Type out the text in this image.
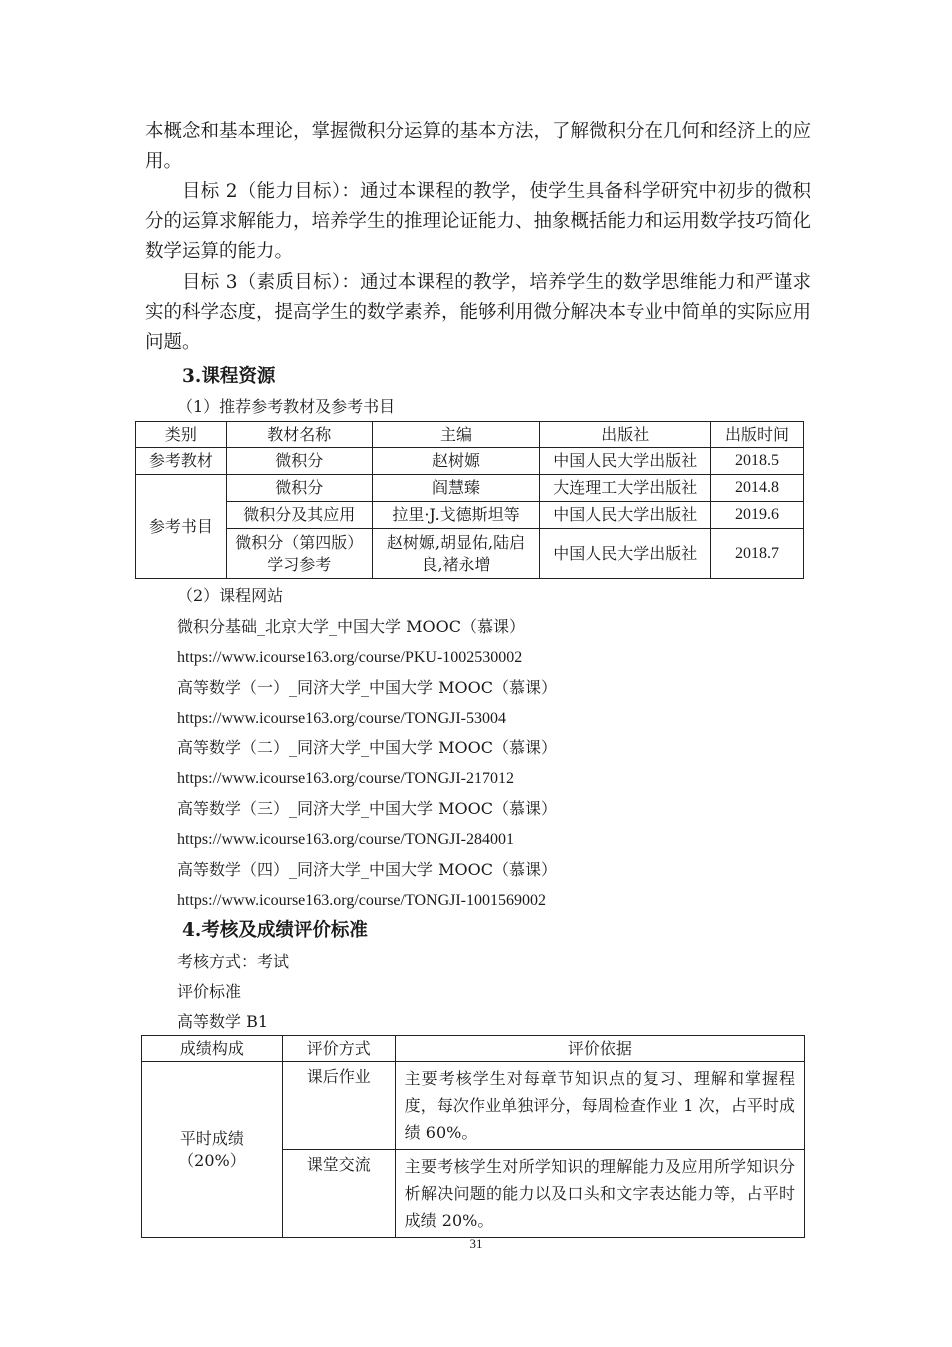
本概念和基本理论，掌握微积分运算的基本方法，了解微积分在几何和经济上的应用。

目标 2（能力目标）：通过本课程的教学，使学生具备科学研究中初步的微积分的运算求解能力，培养学生的推理论证能力、抽象概括能力和运用数学技巧简化数学运算的能力。

目标 3（素质目标）：通过本课程的教学，培养学生的数学思维能力和严谨求实的科学态度，提高学生的数学素养，能够利用微分解决本专业中简单的实际应用问题。

3.课程资源

（1）推荐参考教材及参考书目

类别	教材名称	主编	出版社	出版时间
参考教材	微积分	赵树嫄	中国人民大学出版社	2018.5
参考书目	微积分	阎慧臻	大连理工大学出版社	2014.8
	微积分及其应用	拉里·J.戈德斯坦等	中国人民大学出版社	2019.6
	微积分（第四版）学习参考	赵树嫄,胡显佑,陆启良,褚永增	中国人民大学出版社	2018.7

（2）课程网站

微积分基础_北京大学_中国大学 MOOC（慕课）

https://www.icourse163.org/course/PKU-1002530002

高等数学（一）_同济大学_中国大学 MOOC（慕课）

https://www.icourse163.org/course/TONGJI-53004

高等数学（二）_同济大学_中国大学 MOOC（慕课）

https://www.icourse163.org/course/TONGJI-217012

高等数学（三）_同济大学_中国大学 MOOC（慕课）

https://www.icourse163.org/course/TONGJI-284001

高等数学（四）_同济大学_中国大学 MOOC（慕课）

https://www.icourse163.org/course/TONGJI-1001569002

4.考核及成绩评价标准

考核方式：考试

评价标准

高等数学 B1

成绩构成	评价方式	评价依据

平时成绩
（20%）	课后作业	主要考核学生对每章节知识点的复习、理解和掌握程度，每次作业单独评分，每周检查作业 1 次，占平时成绩 60%。
	课堂交流	主要考核学生对所学知识的理解能力及应用所学知识分析解决问题的能力以及口头和文字表达能力等，占平时成绩 20%。
31
